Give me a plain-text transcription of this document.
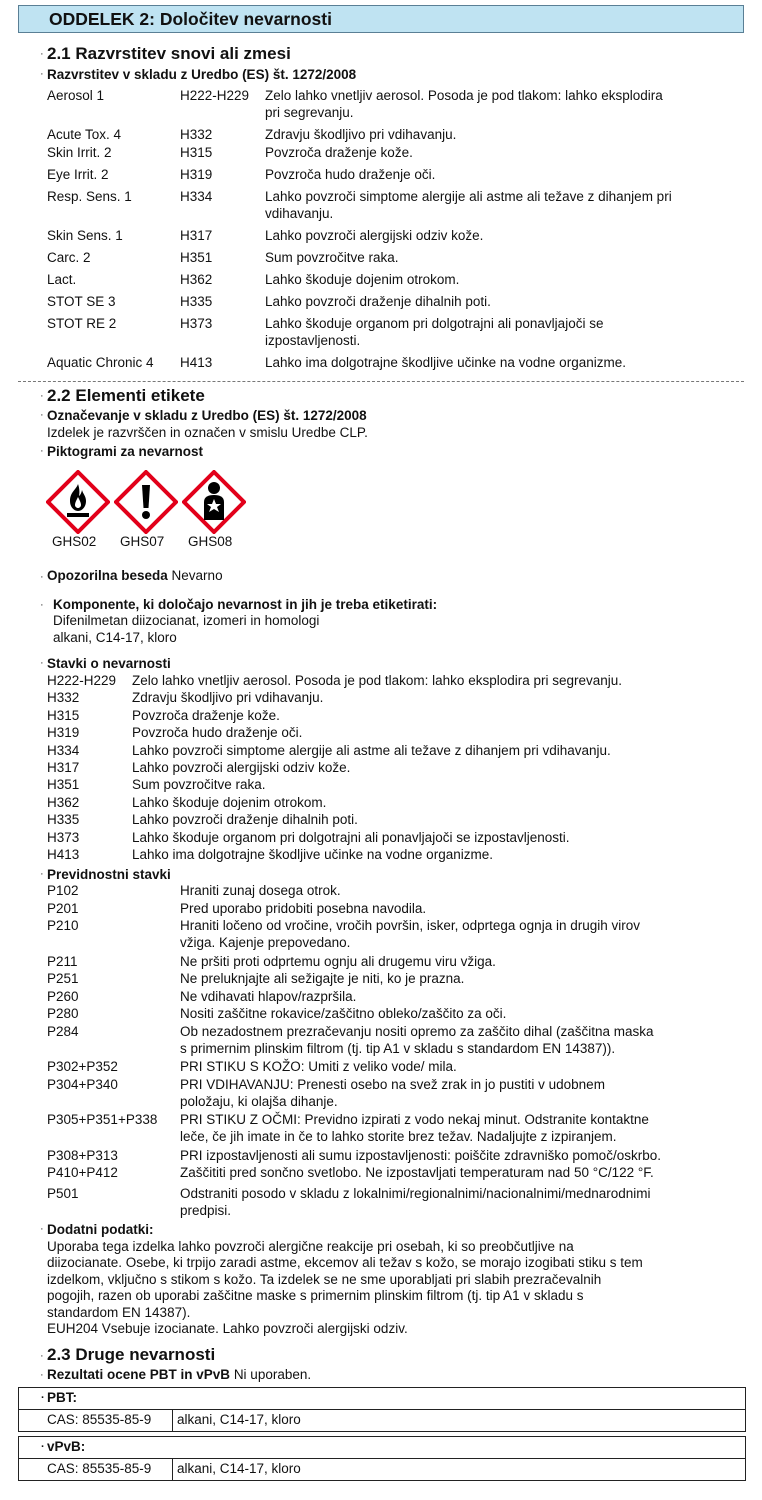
ODDELEK 2: Določitev nevarnosti
· 2.1 Razvrstitev snovi ali zmesi
· Razvrstitev v skladu z Uredbo (ES) št. 1272/2008
Aerosol 1	H222-H229 Zelo lahko vnetljiv aerosol. Posoda je pod tlakom: lahko eksplodira
pri segrevanju.
Acute Tox. 4	H332	Zdravju škodljivo pri vdihavanju.
Skin Irrit. 2	H315	Povzroča draženje kože.
Eye Irrit. 2	H319	Povzroča hudo draženje oči.
Resp. Sens. 1	H334	Lahko povzroči simptome alergije ali astme ali težave z dihanjem pri
vdihavanju.
Skin Sens. 1	H317	Lahko povzroči alergijski odziv kože.
Carc. 2	H351	Sum povzročitve raka.
Lact.	H362	Lahko škoduje dojenim otrokom.
STOT SE 3	H335	Lahko povzroči draženje dihalnih poti.
STOT RE 2	H373	Lahko škoduje organom pri dolgotrajni ali ponavljajoči se
izpostavljenosti.
Aquatic Chronic 4 H413	Lahko ima dolgotrajne škodljive učinke na vodne organizme.
· 2.2 Elementi etikete
· Označevanje v skladu z Uredbo (ES) št. 1272/2008
Izdelek je razvrščen in označen v smislu Uredbe CLP.
· Piktogrami za nevarnost
GHS02 GHS07 GHS08
· Opozorilna beseda Nevarno
· Komponente, ki določajo nevarnost in jih je treba etiketirati:
Difenilmetan diizocianat, izomeri in homologi
alkani, C14-17, kloro
· Stavki o nevarnosti
H222-H229 Zelo lahko vnetljiv aerosol. Posoda je pod tlakom: lahko eksplodira pri segrevanju.
H332	Zdravju škodljivo pri vdihavanju.
H315	Povzroča draženje kože.
H319	Povzroča hudo draženje oči.
H334	Lahko povzroči simptome alergije ali astme ali težave z dihanjem pri vdihavanju.
H317	Lahko povzroči alergijski odziv kože.
H351	Sum povzročitve raka.
H362	Lahko škoduje dojenim otrokom.
H335	Lahko povzroči draženje dihalnih poti.
H373	Lahko škoduje organom pri dolgotrajni ali ponavljajoči se izpostavljenosti.
H413	Lahko ima dolgotrajne škodljive učinke na vodne organizme.
· Previdnostni stavki
P102	Hraniti zunaj dosega otrok.
P201	Pred uporabo pridobiti posebna navodila.
P210	Hraniti ločeno od vročine, vročih površin, isker, odprtega ognja in drugih virov
vžiga. Kajenje prepovedano.
P211	Ne pršiti proti odprtemu ognju ali drugemu viru vžiga.
P251	Ne preluknjajte ali sežigajte je niti, ko je prazna.
P260	Ne vdihavati hlapov/razpršila.
P280	Nositi zaščitne rokavice/zaščitno obleko/zaščito za oči.
P284	Ob nezadostnem prezračevanju nositi opremo za zaščito dihal (zaščitna maska
s primernim plinskim filtrom (tj. tip A1 v skladu s standardom EN 14387)).
P302+P352	PRI STIKU S KOŽO: Umiti z veliko vode/ mila.
P304+P340	PRI VDIHAVANJU: Prenesti osebo na svež zrak in jo pustiti v udobnem
položaju, ki olajša dihanje.
P305+P351+P338 PRI STIKU Z OČMI: Previdno izpirati z vodo nekaj minut. Odstranite kontaktne
leče, če jih imate in če to lahko storite brez težav. Nadaljujte z izpiranjem.
P308+P313	PRI izpostavljenosti ali sumu izpostavljenosti: poiščite zdravniško pomoč/oskrbo.
P410+P412	Zaščititi pred sončno svetlobo. Ne izpostavljati temperaturam nad 50 °C/122 °F.
P501	Odstraniti posodo v skladu z lokalnimi/regionalnimi/nacionalnimi/mednarodnimi
predpisi.
· Dodatni podatki:
Uporaba tega izdelka lahko povzroči alergične reakcije pri osebah, ki so preobčutljive na
diizocianate. Osebe, ki trpijo zaradi astme, ekcemov ali težav s kožo, se morajo izogibati stiku s tem
izdelkom, vključno s stikom s kožo. Ta izdelek se ne sme uporabljati pri slabih prezračevalnih
pogojih, razen ob uporabi zaščitne maske s primernim plinskim filtrom (tj. tip A1 v skladu s
standardom EN 14387).
EUH204 Vsebuje izocianate. Lahko povzroči alergijski odziv.
· 2.3 Druge nevarnosti
· Rezultati ocene PBT in vPvB Ni uporaben.
· PBT:
CAS: 85535-85-9 alkani, C14-17, kloro
· vPvB:
CAS: 85535-85-9 alkani, C14-17, kloro
